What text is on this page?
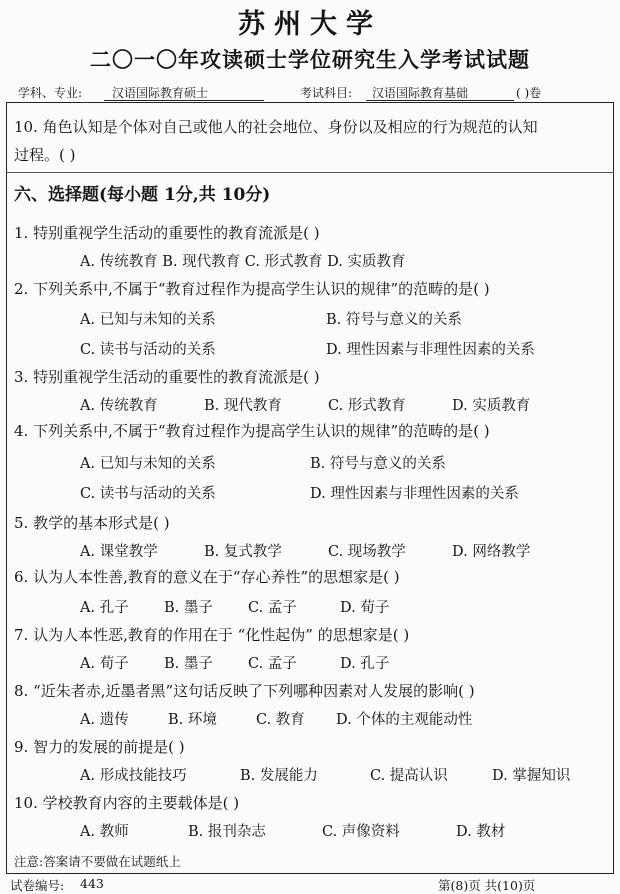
苏州大学
二〇一〇年攻读硕士学位研究生入学考试试题
学科、专业: 汉语国际教育硕士	考试科目: 汉语国际教育基础	( )卷
10. 角色认知是个体对自己或他人的社会地位、身份以及相应的行为规范的认知
过程。( )
六、选择题(每小题 1分,共 10分)
1. 特别重视学生活动的重要性的教育流派是( )
A. 传统教育 B. 现代教育 C. 形式教育 D. 实质教育
2. 下列关系中,不属于“教育过程作为提高学生认识的规律”的范畴的是( )
A. 已知与未知的关系	B. 符号与意义的关系
C. 读书与活动的关系	D. 理性因素与非理性因素的关系
3. 特别重视学生活动的重要性的教育流派是( )
A. 传统教育	B. 现代教育	C. 形式教育	D. 实质教育
4. 下列关系中,不属于“教育过程作为提高学生认识的规律”的范畴的是( )
A. 已知与未知的关系	B. 符号与意义的关系
C. 读书与活动的关系	D. 理性因素与非理性因素的关系
5. 教学的基本形式是( )
A. 课堂教学	B. 复式教学	C. 现场教学	D. 网络教学
6. 认为人本性善,教育的意义在于“存心养性”的思想家是( )
A. 孔子 B. 墨子 C. 孟子	D. 荀子
7. 认为人本性恶,教育的作用在于 “化性起伪” 的思想家是( )
A. 荀子 B. 墨子 C. 孟子	D. 孔子
8. “近朱者赤,近墨者黑”这句话反映了下列哪种因素对人发展的影响( )
A. 遗传	B. 环境	C. 教育 D. 个体的主观能动性
9. 智力的发展的前提是( )
A. 形成技能技巧	B. 发展能力	C. 提高认识	D. 掌握知识
10. 学校教育内容的主要载体是( )
A. 教师	B. 报刊杂志	C. 声像资料	D. 教材
注意:答案请不要做在试题纸上
试卷编号: 443	第(8)页 共(10)页
